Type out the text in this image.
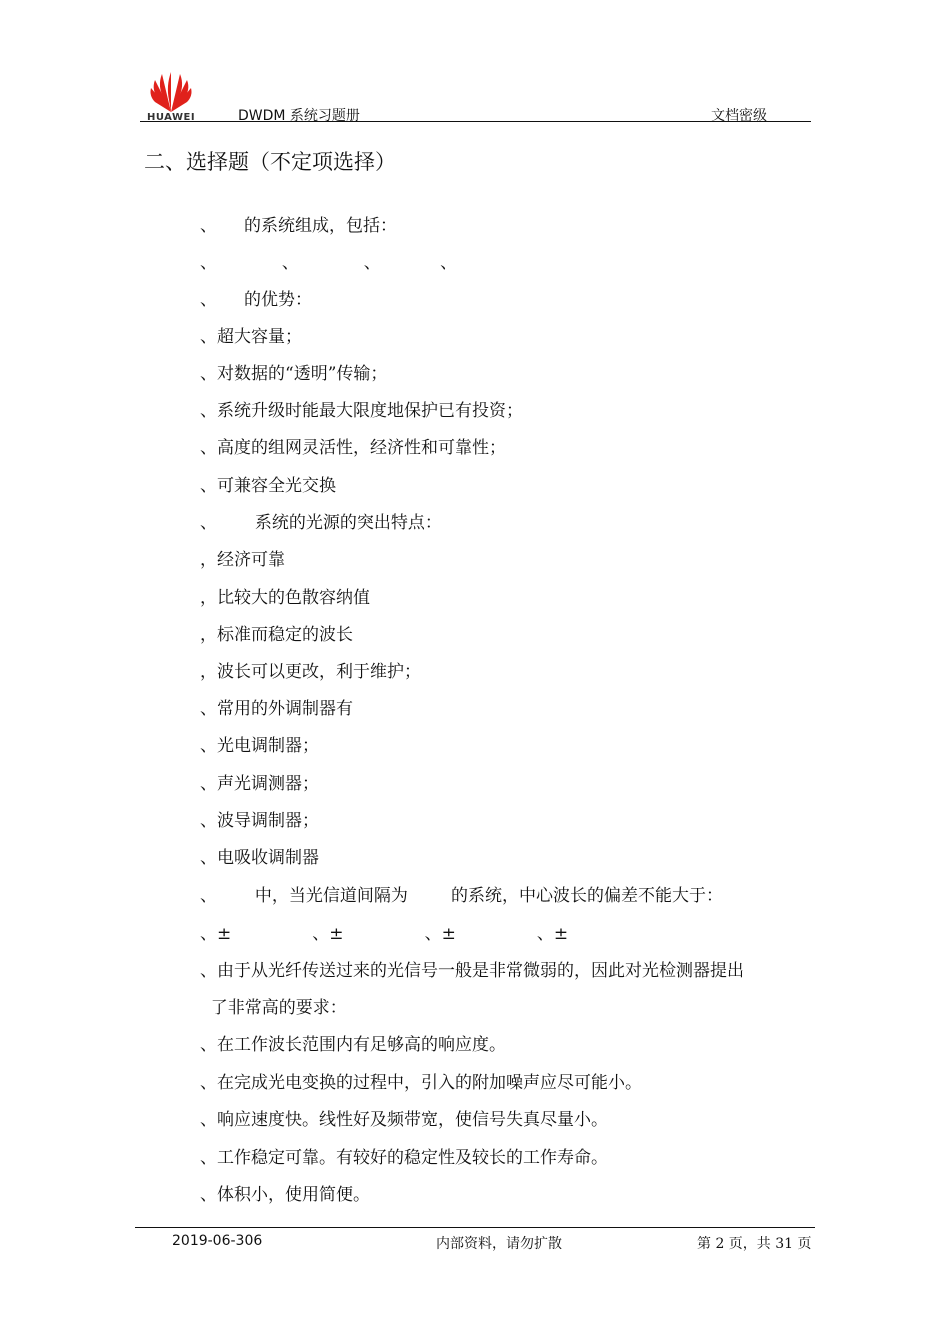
HUAWEI	DWDM 系统习题册	文档密级
二、选择题（不定项选择）
、     的系统组成，包括：
、            、            、           、
、     的优势：
、超大容量；
、对数据的“透明”传输；
、系统升级时能最大限度地保护已有投资；
、高度的组网灵活性，经济性和可靠性；
、可兼容全光交换
、       系统的光源的突出特点：
，经济可靠
，比较大的色散容纳值
，标准而稳定的波长
，波长可以更改，利于维护；
、常用的外调制器有
、光电调制器；
、声光调测器；
、波导调制器；
、电吸收调制器
、       中，当光信道间隔为        的系统，中心波长的偏差不能大于：
、±               、±               、±               、±
、由于从光纤传送过来的光信号一般是非常微弱的，因此对光检测器提出
了非常高的要求：
、在工作波长范围内有足够高的响应度。
、在完成光电变换的过程中，引入的附加噪声应尽可能小。
、响应速度快。线性好及频带宽，使信号失真尽量小。
、工作稳定可靠。有较好的稳定性及较长的工作寿命。
、体积小，使用简便。
2019-06-306	内部资料，请勿扩散	第 2 页，共 31 页
